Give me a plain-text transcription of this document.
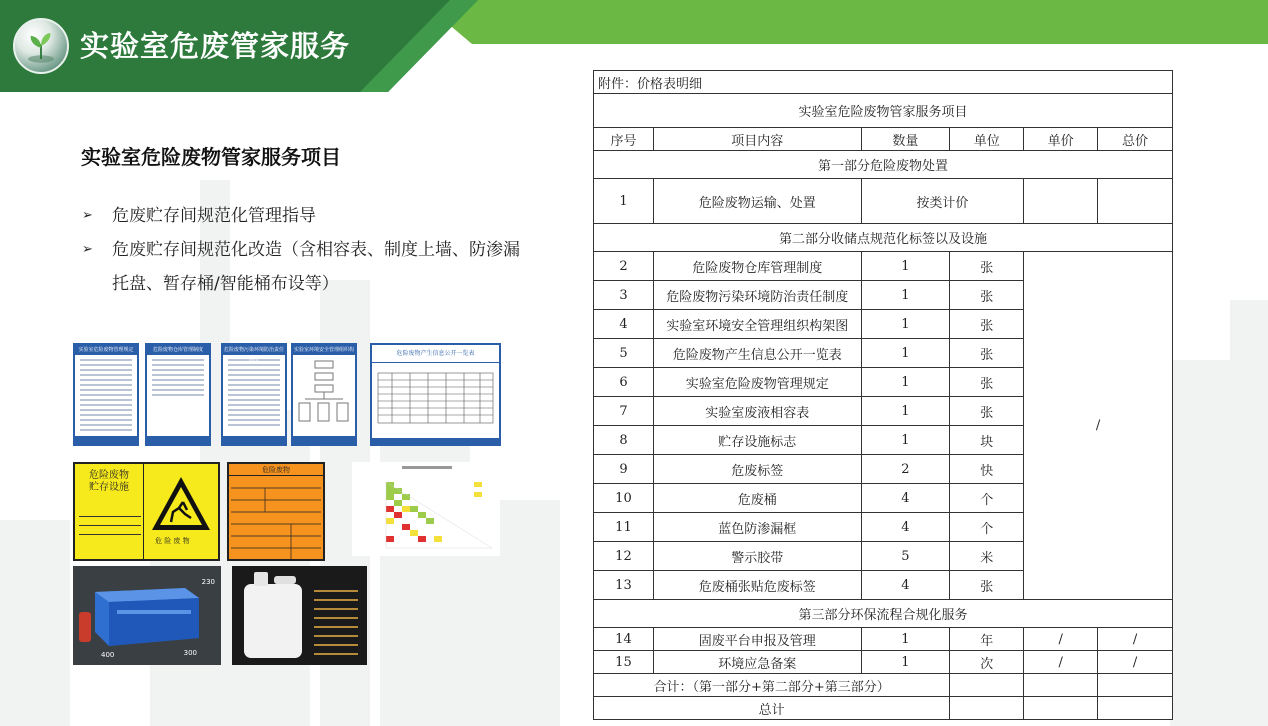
实验室危废管家服务
实验室危险废物管家服务项目
➢ 危废贮存间规范化管理指导
➢ 危废贮存间规范化改造（含相容表、制度上墙、防渗漏托盘、暂存桶/智能桶布设等）
实验室危险废物管理规定	危险废物仓库管理制度	危险废物污染环境防治责任制度
实验室环境安全管理组织构架图
危险废物产生信息公开一览表
危险废物
贮存设施
危 险 废 物
危险废物
230
400	300
附件：价格表明细					
实验室危险废物管家服务项目					
序号	项目内容	数量	单位	单价	总价
第一部分危险废物处置					
1	危险废物运输、处置	按类计价			
第二部分收储点规范化标签以及设施					
2	危险废物仓库管理制度	1	张	/	
3	危险废物污染环境防治责任制度	1	张		
4	实验室环境安全管理组织构架图	1	张		
5	危险废物产生信息公开一览表	1	张		
6	实验室危险废物管理规定	1	张		
7	实验室废液相容表	1	张		
8	贮存设施标志	1	块		
9	危废标签	2	快		
10	危废桶	4	个		
11	蓝色防渗漏框	4	个		
12	警示胶带	5	米		
13	危废桶张贴危废标签	4	张		
第三部分环保流程合规化服务					
14	固废平台申报及管理	1	年	/	/
15	环境应急备案	1	次	/	/
合计：（第一部分+第二部分+第三部分）					
总计					
